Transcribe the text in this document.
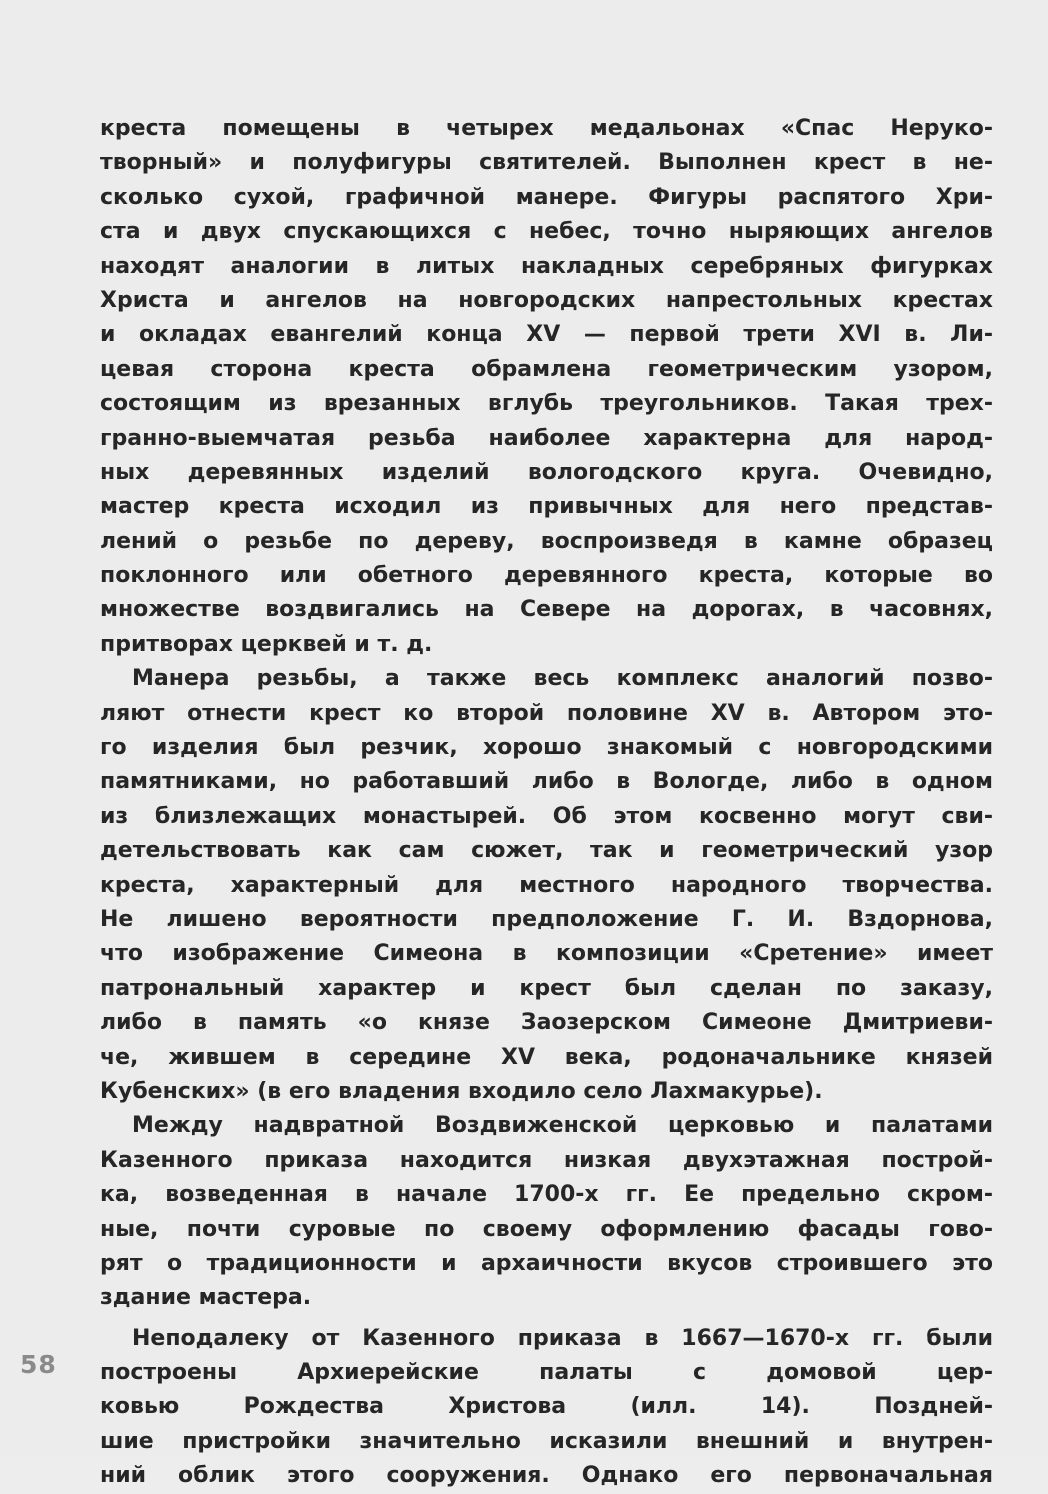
креста помещены в четырех медальонах «Спас Неруко-
творный» и полуфигуры святителей. Выполнен крест в не-
сколько сухой, графичной манере. Фигуры распятого Хри-
ста и двух спускающихся с небес, точно ныряющих ангелов
находят аналогии в литых накладных серебряных фигурках
Христа и ангелов на новгородских напрестольных крестах
и окладах евангелий конца XV — первой трети XVI в. Ли-
цевая сторона креста обрамлена геометрическим узором,
состоящим из врезанных вглубь треугольников. Такая трех-
гранно-выемчатая резьба наиболее характерна для народ-
ных деревянных изделий вологодского круга. Очевидно,
мастер креста исходил из привычных для него представ-
лений о резьбе по дереву, воспроизведя в камне образец
поклонного или обетного деревянного креста, которые во
множестве воздвигались на Севере на дорогах, в часовнях,
притворах церквей и т. д.
Манера резьбы, а также весь комплекс аналогий позво-
ляют отнести крест ко второй половине XV в. Автором это-
го изделия был резчик, хорошо знакомый с новгородскими
памятниками, но работавший либо в Вологде, либо в одном
из близлежащих монастырей. Об этом косвенно могут сви-
детельствовать как сам сюжет, так и геометрический узор
креста, характерный для местного народного творчества.
Не лишено вероятности предположение Г. И. Вздорнова,
что изображение Симеона в композиции «Сретение» имеет
патрональный характер и крест был сделан по заказу,
либо в память «о князе Заозерском Симеоне Дмитриеви-
че, жившем в середине XV века, родоначальнике князей
Кубенских» (в его владения входило село Лахмакурье).
Между надвратной Воздвиженской церковью и палатами
Казенного приказа находится низкая двухэтажная построй-
ка, возведенная в начале 1700-х гг. Ее предельно скром-
ные, почти суровые по своему оформлению фасады гово-
рят о традиционности и архаичности вкусов строившего это
здание мастера.
Неподалеку от Казенного приказа в 1667—1670-х гг. были
построены Архиерейские палаты с домовой цер-
ковью Рождества Христова (илл. 14). Поздней-
шие пристройки значительно исказили внешний и внутрен-
ний облик этого сооружения. Однако его первоначальная
58
